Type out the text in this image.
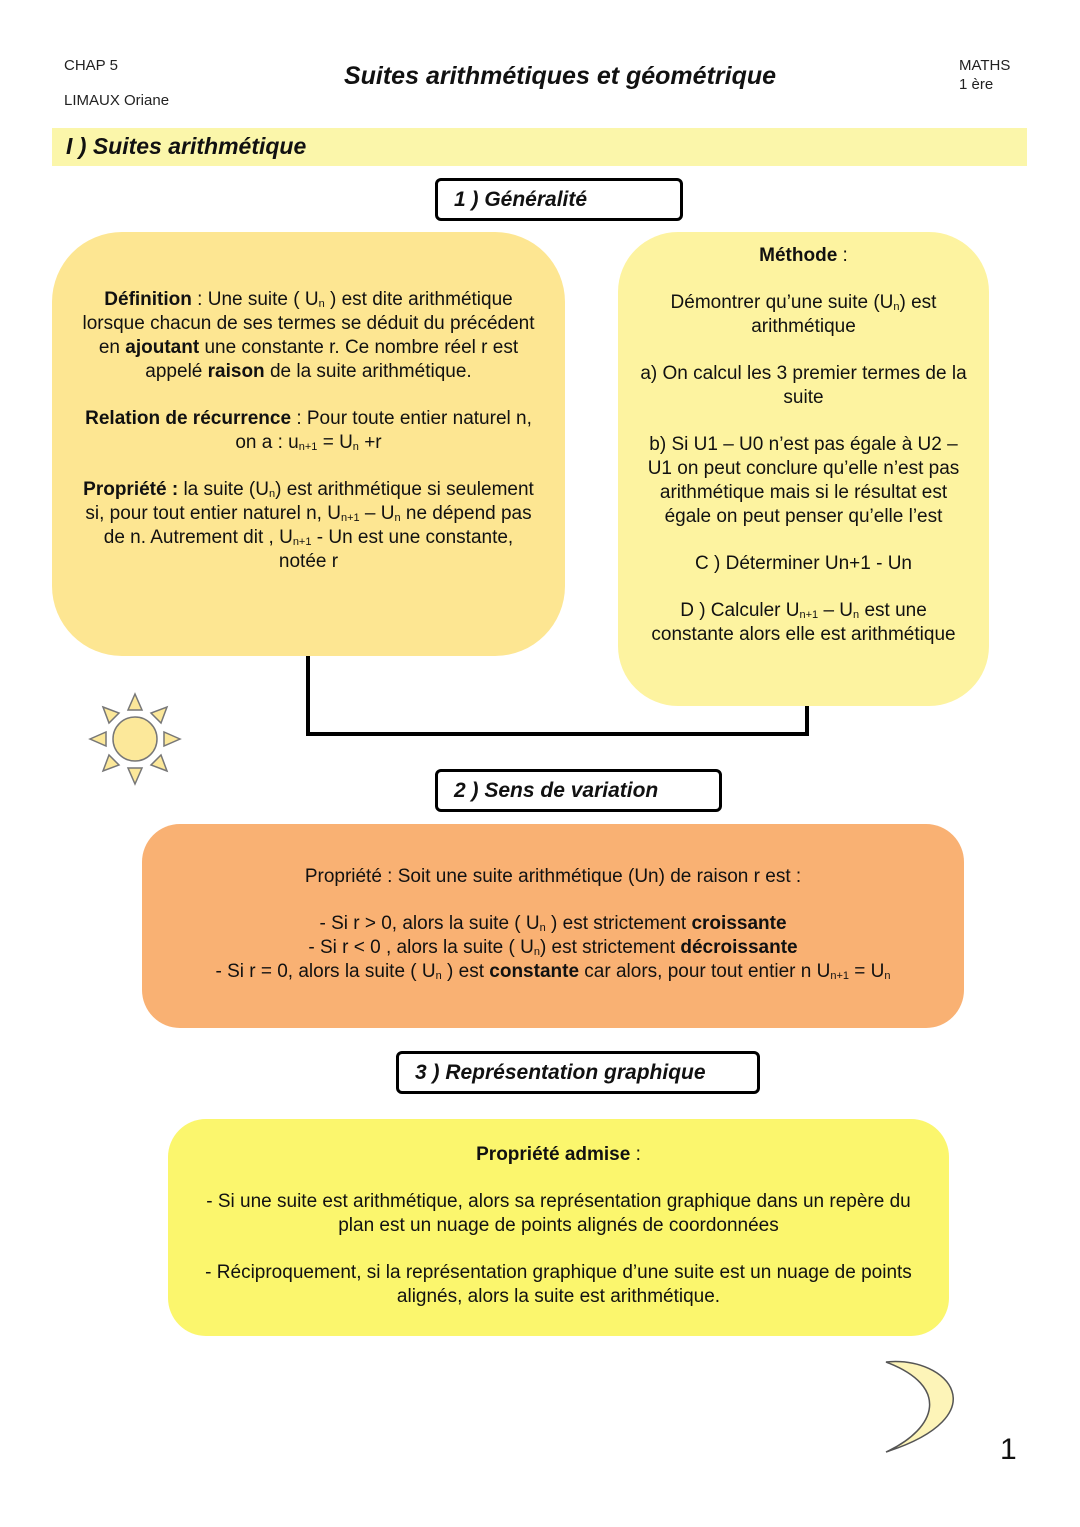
CHAP 5
LIMAUX Oriane
Suites arithmétiques et géométrique	MATHS
1 ère
I ) Suites arithmétique
1 ) Généralité

Définition : Une suite ( $U_n$ ) est dite arithmétique lorsque chacun de ses termes se déduit du précédent en ajoutant une constante r. Ce nombre réel r est appelé raison de la suite arithmétique.

Relation de récurrence : Pour toute entier naturel n, on a : $u_{n+1} = U_n +r$

Propriété : la suite $(U_n)$ est arithmétique si seulement si, pour tout entier naturel n, $U_{n+1} - U_n$ ne dépend pas de n. Autrement dit , $U_{n+1}$ - Un est une constante, notée r

Méthode :

Démontrer qu’une suite $(U_n)$ est arithmétique

a) On calcul les 3 premier termes de la suite

b) Si U1 – U0 n’est pas égale à U2 – U1 on peut conclure qu’elle n’est pas arithmétique mais si le résultat est égale on peut penser qu’elle l’est

C ) Déterminer Un+1 - Un

D ) Calculer $U_{n+1} - U_n$ est une constante alors elle est arithmétique

2 ) Sens de variation

Propriété : Soit une suite arithmétique (Un) de raison r est :

- Si r > 0, alors la suite ( $U_n$ ) est strictement croissante

- Si r < 0 , alors la suite ( $U_n$) est strictement décroissante

- Si r = 0, alors la suite ( $U_n$ ) est constante car alors, pour tout entier n $U_{n+1} = U_n$

3 ) Représentation graphique

Propriété admise :

- Si une suite est arithmétique, alors sa représentation graphique dans un repère du plan est un nuage de points alignés de coordonnées

- Réciproquement, si la représentation graphique d’une suite est un nuage de points alignés, alors la suite est arithmétique.

1
